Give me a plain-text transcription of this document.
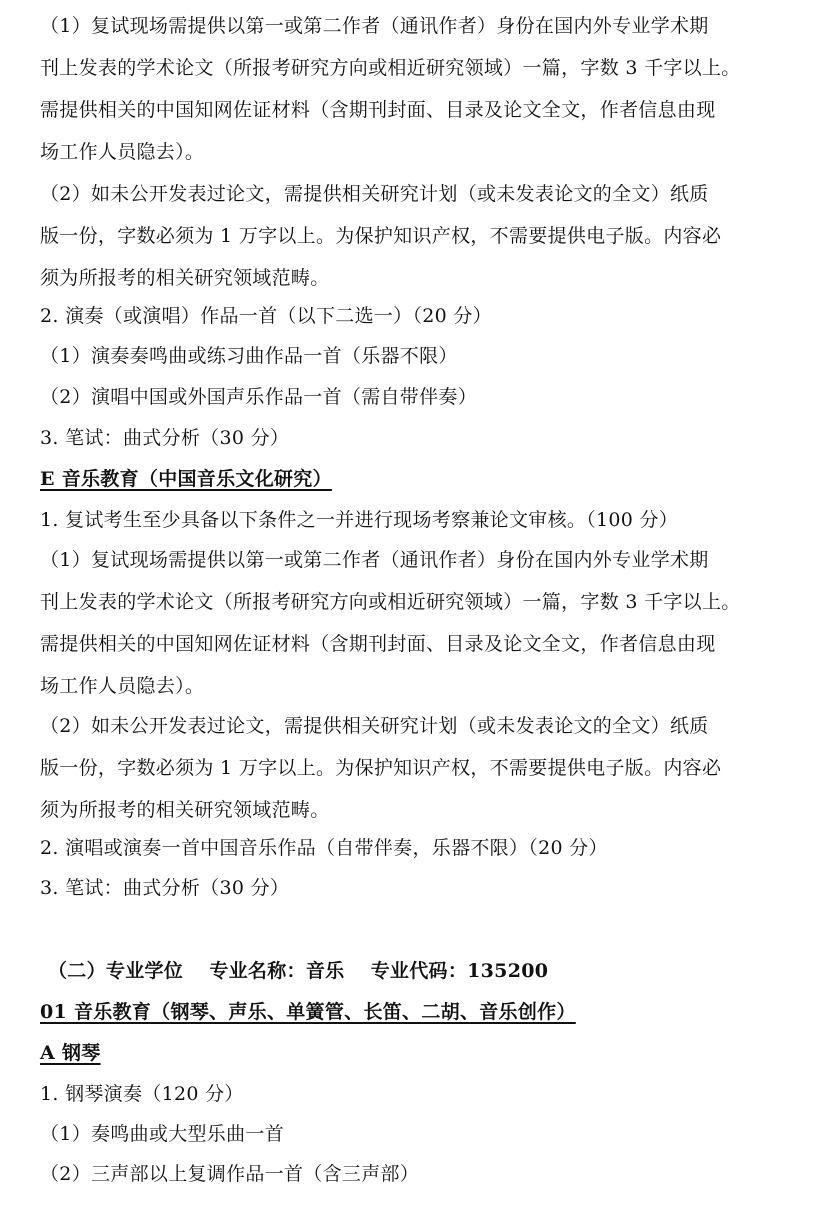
（1）复试现场需提供以第一或第二作者（通讯作者）身份在国内外专业学术期
刊上发表的学术论文（所报考研究方向或相近研究领域）一篇，字数 3 千字以上。
需提供相关的中国知网佐证材料（含期刊封面、目录及论文全文，作者信息由现
场工作人员隐去）。
（2）如未公开发表过论文，需提供相关研究计划（或未发表论文的全文）纸质
版一份，字数必须为 1 万字以上。为保护知识产权，不需要提供电子版。内容必
须为所报考的相关研究领域范畴。
2. 演奏（或演唱）作品一首（以下二选一）（20 分）
（1）演奏奏鸣曲或练习曲作品一首（乐器不限）
（2）演唱中国或外国声乐作品一首（需自带伴奏）
3. 笔试：曲式分析（30 分）
E 音乐教育（中国音乐文化研究）
1. 复试考生至少具备以下条件之一并进行现场考察兼论文审核。（100 分）
（1）复试现场需提供以第一或第二作者（通讯作者）身份在国内外专业学术期
刊上发表的学术论文（所报考研究方向或相近研究领域）一篇，字数 3 千字以上。
需提供相关的中国知网佐证材料（含期刊封面、目录及论文全文，作者信息由现
场工作人员隐去）。
（2）如未公开发表过论文，需提供相关研究计划（或未发表论文的全文）纸质
版一份，字数必须为 1 万字以上。为保护知识产权，不需要提供电子版。内容必
须为所报考的相关研究领域范畴。
2. 演唱或演奏一首中国音乐作品（自带伴奏，乐器不限）（20 分）
3. 笔试：曲式分析（30 分）
（二）专业学位　 专业名称：音乐　 专业代码：135200
01 音乐教育（钢琴、声乐、单簧管、长笛、二胡、音乐创作）
A 钢琴
1. 钢琴演奏（120 分）
（1）奏鸣曲或大型乐曲一首
（2）三声部以上复调作品一首（含三声部）
